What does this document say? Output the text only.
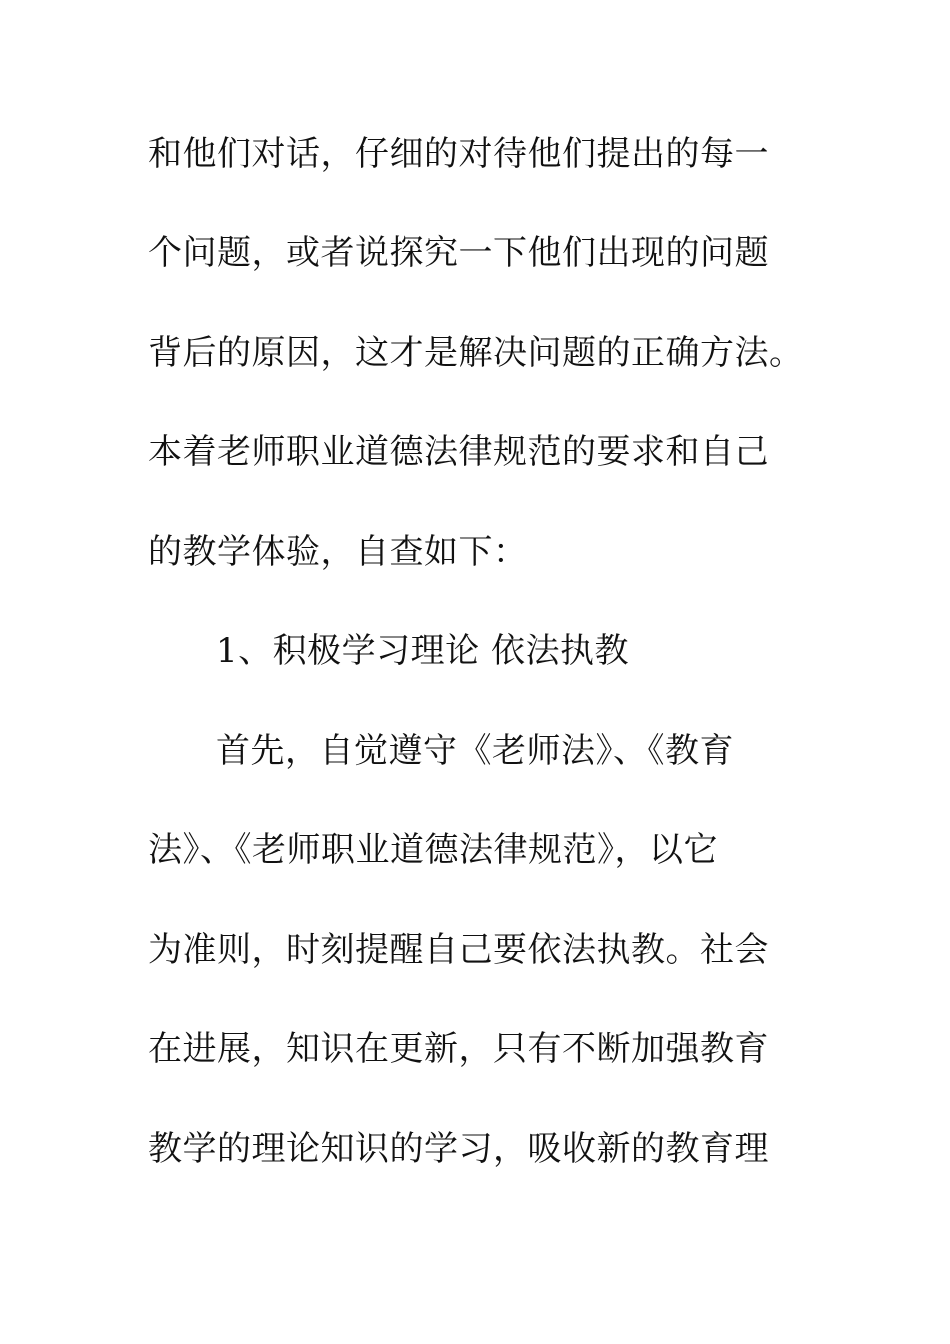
和他们对话，仔细的对待他们提出的每一
个问题，或者说探究一下他们出现的问题
背后的原因，这才是解决问题的正确方法。
本着老师职业道德法律规范的要求和自己
的教学体验，自查如下：
1、积极学习理论 依法执教
首先，自觉遵守《老师法》、《教育
法》、《老师职业道德法律规范》，以它
为准则，时刻提醒自己要依法执教。社会
在进展，知识在更新，只有不断加强教育
教学的理论知识的学习，吸收新的教育理
